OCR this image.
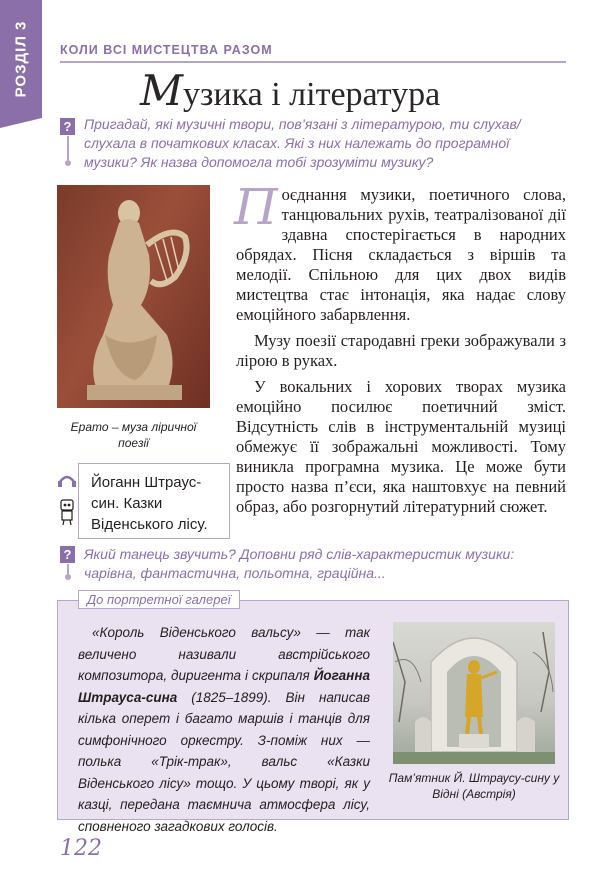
РОЗДІЛ 3 КОЛИ ВСІ МИСТЕЦТВА РАЗОМ
Музика і література
? Пригадай, які музичні твори, пов’язані з літературою, ти слухав/слухала в початкових класах. Які з них належать до програмної музики? Як назва допомогла тобі зрозуміти музику?
Ерато – муза ліричної поезії

Поєднання музики, поетичного слова, танцювальних рухів, театралізованої дії здавна спостерігається в народних обрядах. Пісня складається з віршів та мелодії. Спільною для цих двох видів мистецтва стає інтонація, яка надає слову емоційного забарвлення.

Музу поезії стародавні греки зображували з лірою в руках.

У вокальних і хорових творах музика емоційно посилює поетичний зміст. Відсутність слів в інструментальній музиці обмежує її зображальні можливості. Тому виникла програмна музика. Це може бути просто назва п’єси, яка наштовхує на певний образ, або розгорнутий літературний сюжет.

Йоганн Штраус-син. Казки Віденського лісу.
? Який танець звучить? Доповни ряд слів-характеристик музики:
чарівна, фантастична, польотна, граційна...
До портретної галереї

«Король Віденського вальсу» — так величено називали австрійського композитора, диригента і скрипаля Йоганна Штрауса-сина (1825–1899). Він написав кілька оперет і багато маршів і танців для симфонічного оркестру. З-поміж них — полька «Трік-трак», вальс «Казки Віденського лісу» тощо. У цьому творі, як у казці, передана таємнича атмосфера лісу, сповненого загадкових голосів.

Пам’ятник Й. Штраусу-сину у Відні (Австрія)
122
